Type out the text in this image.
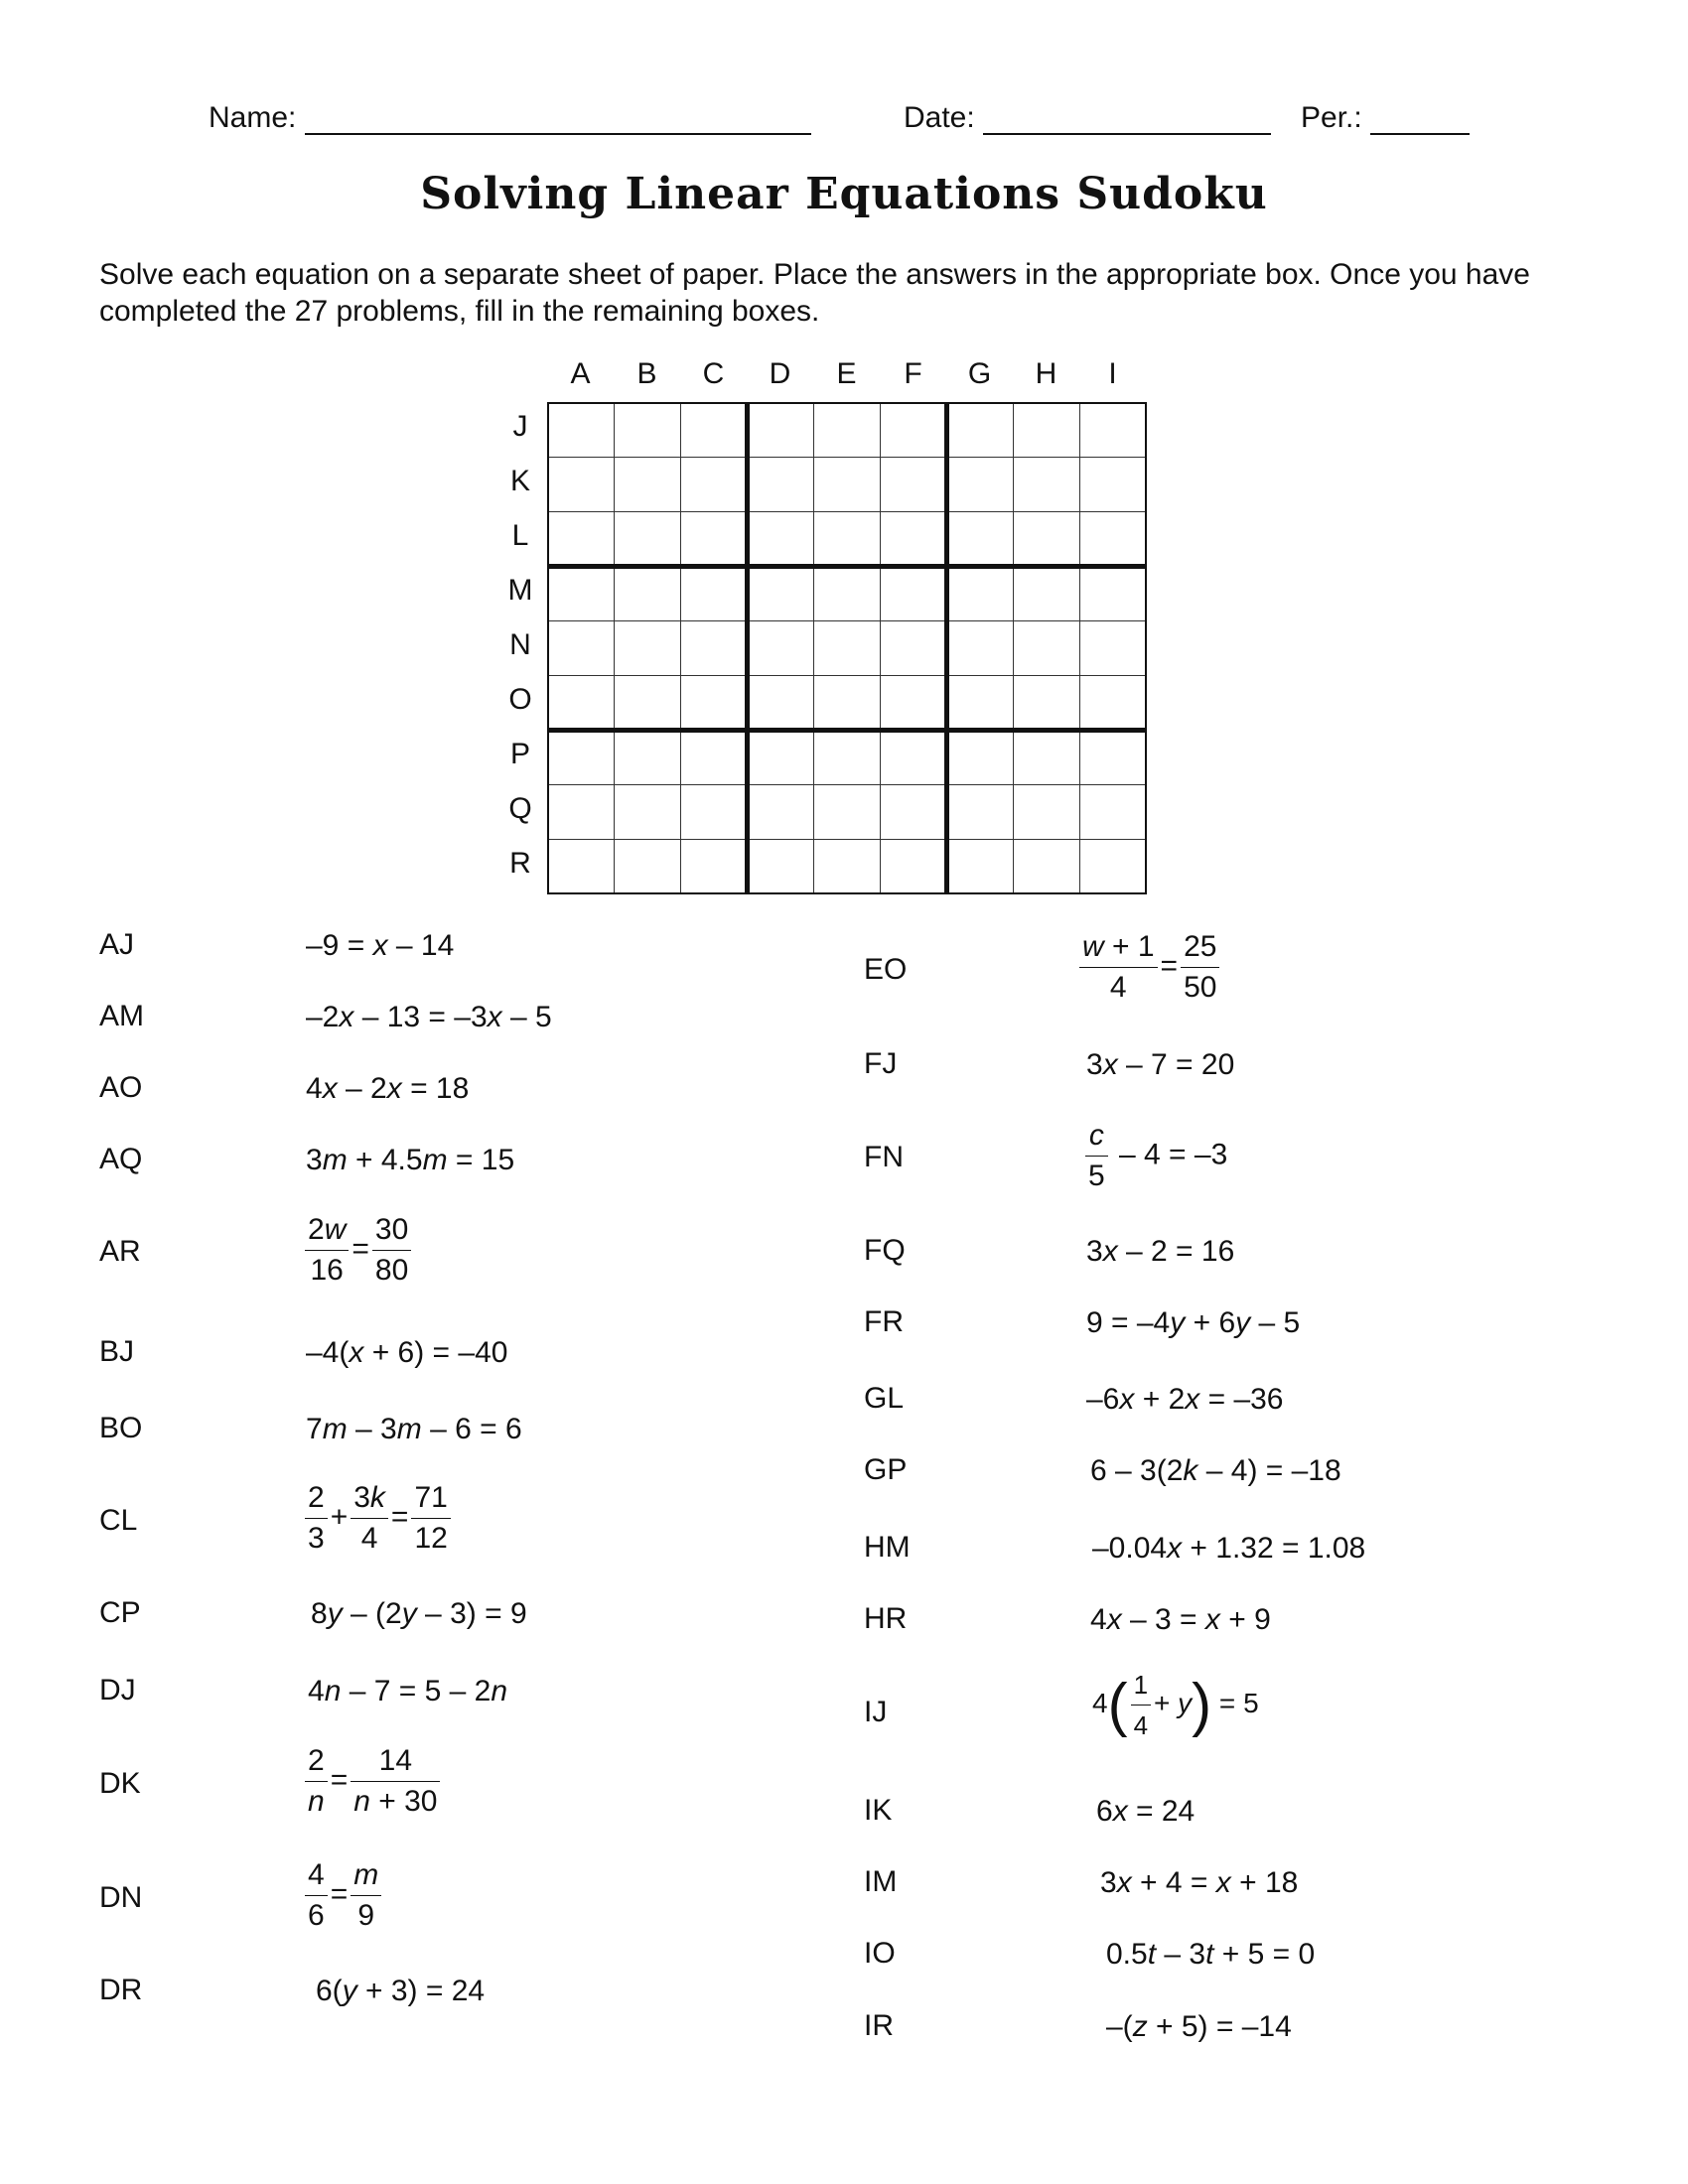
Name:	Date:	Per.:
Solving Linear Equations Sudoku
Solve each equation on a separate sheet of paper. Place the answers in the appropriate box. Once you have completed the 27 problems, fill in the remaining boxes.
A	B	C	D	E	F	G	H	I
J
K
L
M
N
O
P
Q
R
AJ	–9 = x – 14
AM	–2x – 13 = –3x – 5
AO	4x – 2x = 18
AQ	3m + 4.5m = 15
AR	$\frac{2w}{16} = \frac{30}{80}$
BJ	–4(x + 6) = –40
BO	7m – 3m – 6 = 6
CL	$\frac{2}{3} + \frac{3k}{4} = \frac{71}{12}$
CP	8y – (2y – 3) = 9
DJ	4n – 7 = 5 – 2n
DK	$\frac{2}{n} = \frac{14}{n + 30}$
DN	$\frac{4}{6} = \frac{m}{9}$
DR	6(y + 3) = 24
EO	$\frac{w + 1}{4} = \frac{25}{50}$
FJ	3x – 7 = 20
FN	$\frac{c}{5} - 4 = -3$
FQ	3x – 2 = 16
FR	9 = –4y + 6y – 5
GL	–6x + 2x = –36
GP	6 – 3(2k – 4) = –18
HM	–0.04x + 1.32 = 1.08
HR	4x – 3 = x + 9
IJ	$4( \frac{1}{4} + y) = 5$
IK	6x = 24
IM	3x + 4 = x + 18
IO	0.5t – 3t + 5 = 0
IR	–(z + 5) = –14
